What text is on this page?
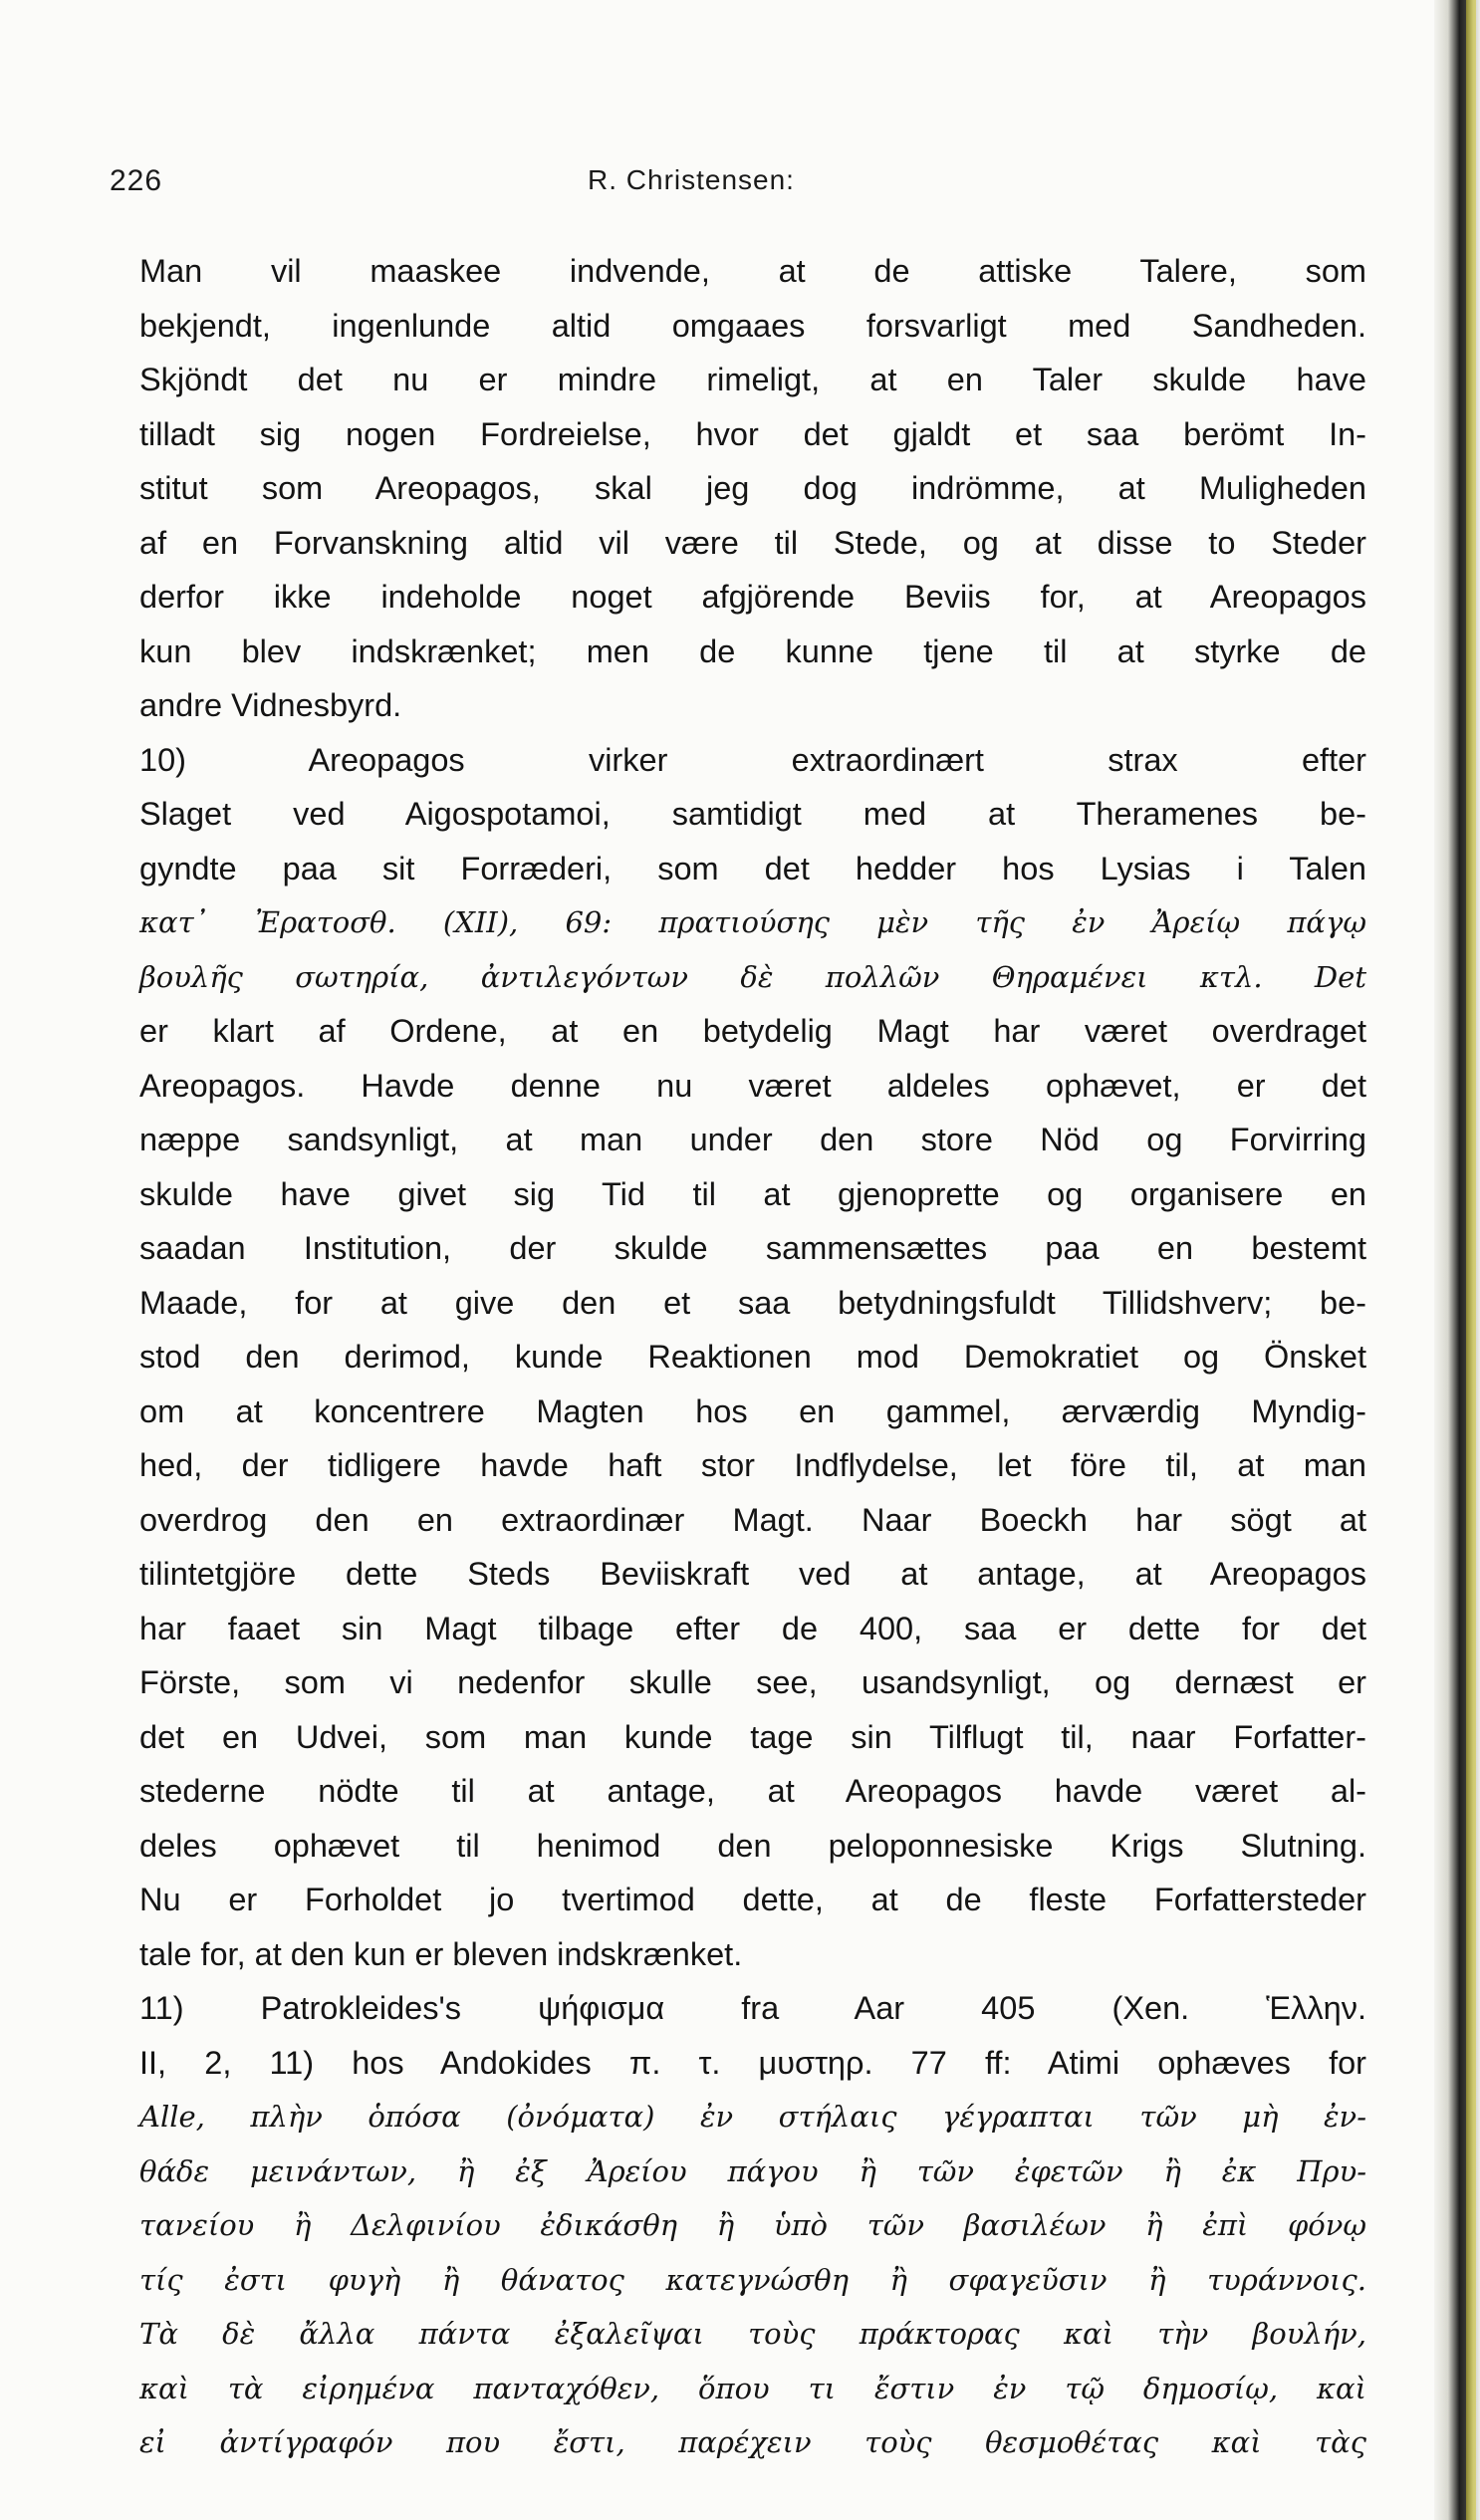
226	R. Christensen:
Man vil maaskee indvende, at de attiske Talere, som
bekjendt, ingenlunde altid omgaaes forsvarligt med Sandheden.
Skjöndt det nu er mindre rimeligt, at en Taler skulde have
tilladt sig nogen Fordreielse, hvor det gjaldt et saa berömt In-
stitut som Areopagos, skal jeg dog indrömme, at Muligheden
af en Forvanskning altid vil være til Stede, og at disse to Steder
derfor ikke indeholde noget afgjörende Beviis for, at Areopagos
kun blev indskrænket; men de kunne tjene til at styrke de
andre Vidnesbyrd.
10) Areopagos virker extraordinært strax efter
Slaget ved Aigospotamoi, samtidigt med at Theramenes be-
gyndte paa sit Forræderi, som det hedder hos Lysias i Talen
κατ᾽ Ἐρατοσθ. (XII), 69: πρατιούσης μὲν τῆς ἐν Ἀρείῳ πάγῳ
βουλῆς σωτηρία, ἀντιλεγόντων δὲ πολλῶν Θηραμένει κτλ. Det
er klart af Ordene, at en betydelig Magt har været overdraget
Areopagos. Havde denne nu været aldeles ophævet, er det
næppe sandsynligt, at man under den store Nöd og Forvirring
skulde have givet sig Tid til at gjenoprette og organisere en
saadan Institution, der skulde sammensættes paa en bestemt
Maade, for at give den et saa betydningsfuldt Tillidshverv; be-
stod den derimod, kunde Reaktionen mod Demokratiet og Önsket
om at koncentrere Magten hos en gammel, ærværdig Myndig-
hed, der tidligere havde haft stor Indflydelse, let före til, at man
overdrog den en extraordinær Magt. Naar Boeckh har sögt at
tilintetgjöre dette Steds Beviiskraft ved at antage, at Areopagos
har faaet sin Magt tilbage efter de 400, saa er dette for det
Förste, som vi nedenfor skulle see, usandsynligt, og dernæst er
det en Udvei, som man kunde tage sin Tilflugt til, naar Forfatter-
stederne nödte til at antage, at Areopagos havde været al-
deles ophævet til henimod den peloponnesiske Krigs Slutning.
Nu er Forholdet jo tvertimod dette, at de fleste Forfattersteder
tale for, at den kun er bleven indskrænket.
11) Patrokleides's ψήφισμα fra Aar 405 (Xen. Ἑλλην.
II, 2, 11) hos Andokides π. τ. μυστηρ. 77 ff: Atimi ophæves for
Alle, πλὴν ὁπόσα (ὀνόματα) ἐν στήλαις γέγραπται τῶν μὴ ἐν-
θάδε μεινάντων, ἢ ἐξ Ἀρείου πάγου ἢ τῶν ἐφετῶν ἢ ἐκ Πρυ-
τανείου ἢ Δελφινίου ἐδικάσθη ἢ ὑπὸ τῶν βασιλέων ἢ ἐπὶ φόνῳ
τίς ἐστι φυγὴ ἢ θάνατος κατεγνώσθη ἢ σφαγεῦσιν ἢ τυράννοις.
Τὰ δὲ ἄλλα πάντα ἐξαλεῖψαι τοὺς πράκτορας καὶ τὴν βουλήν,
καὶ τὰ εἰρημένα πανταχόθεν, ὅπου τι ἔστιν ἐν τῷ δημοσίῳ, καὶ
εἰ ἀντίγραφόν που ἔστι, παρέχειν τοὺς θεσμοθέτας καὶ τὰς
